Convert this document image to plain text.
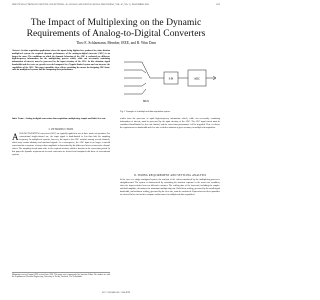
IEEE TRANSACTIONS ON CIRCUITS AND SYSTEMS—II: ANALOG AND DIGITAL SIGNAL PROCESSING, VOL. 47, NO. 11, NOVEMBER 2000	1133
The Impact of Multiplexing on the Dynamic Requirements of Analog-to-Digital Converters
Theo E. Schlarmann, Member, IEEE, and R. Wim Dam
Abstract—In data acquisition applications where the inputs being digitized are produced in a time-division multiplexed system, the required dynamic performance of the analog-to-digital converter (ADC) is no longer the same. The conditions on which the dynamic behaviour of the ADC is evaluated are different: high-frequency information for the multiplexing process which, while not necessarily containing information of interest, must be processed by the input circuitry of the ADC. In this situation, signal bandwidth and slew rate are greatly exceeded compared to a Nyquist limited system and can increase the capabilities of the ADC. This paper quantifies these effects, providing the means for designing ADC front-ends for multiplexed systems and for comparing their performance.
Index Terms—Analog-to-digital conversion, data acquisition, multiplexing, sample-and-hold, slew rate.
I. INTRODUCTION
ANALOG-TO-DIGITAL converters (ADC) are typically applied in one of three modes of operation. For conventional single-channel use, the input signal is band-limited to less than half the sampling frequency. In multiplexed systems, however, the input to the ADC switches among several channels, which may contain arbitrary and unrelated signals. As a consequence, the ADC input is no longer a smooth waveform but a sequence of steps whose amplitude is determined by the difference between successive channel values. The sampling circuit must settle to the required accuracy within a fraction of the conversion period. In this paper the dynamic requirements for such converters are derived and compared with those of conventional systems.
S/H	ADC
MUX
Fig. 1. Example of a multiplexed data acquisition system.
results from the processes of rapid high-frequency information which, while not necessarily containing information of interest, must be processed by the input circuitry of the ADC. The ADC input circuit must be considered band-limited or slew rate limited, and the conversion performance will be degraded. Here we derive the requirements on bandwidth and slew rate needed to maintain a given accuracy in multiplexed acquisition.
II. TIMING REQUIREMENT AND SETTLING ANALYSIS
In the case of a single-configured system, the analysis of the effects introduced by the multiplexing process is straightforward. The system is characterized by examining the transient response in the worst case condition, when the input switches between full-scale extremes. The settling time of the front-end, including the sample-and-hold amplifier, determines the maximum multiplexing rate. Both linear settling, governed by the small-signal bandwidth, and nonlinear settling, governed by the slew rate, must be considered. Expressions for these quantities are derived below and used to compare architectures for multiplexed data acquisition.
Manuscript received August 1999; revised June 2000. This paper was recommended by Associate Editor. The authors are with the Department of Electrical Engineering, University of Twente, Enschede, The Netherlands.
1057–7130/00$10.00 © 2000 IEEE
